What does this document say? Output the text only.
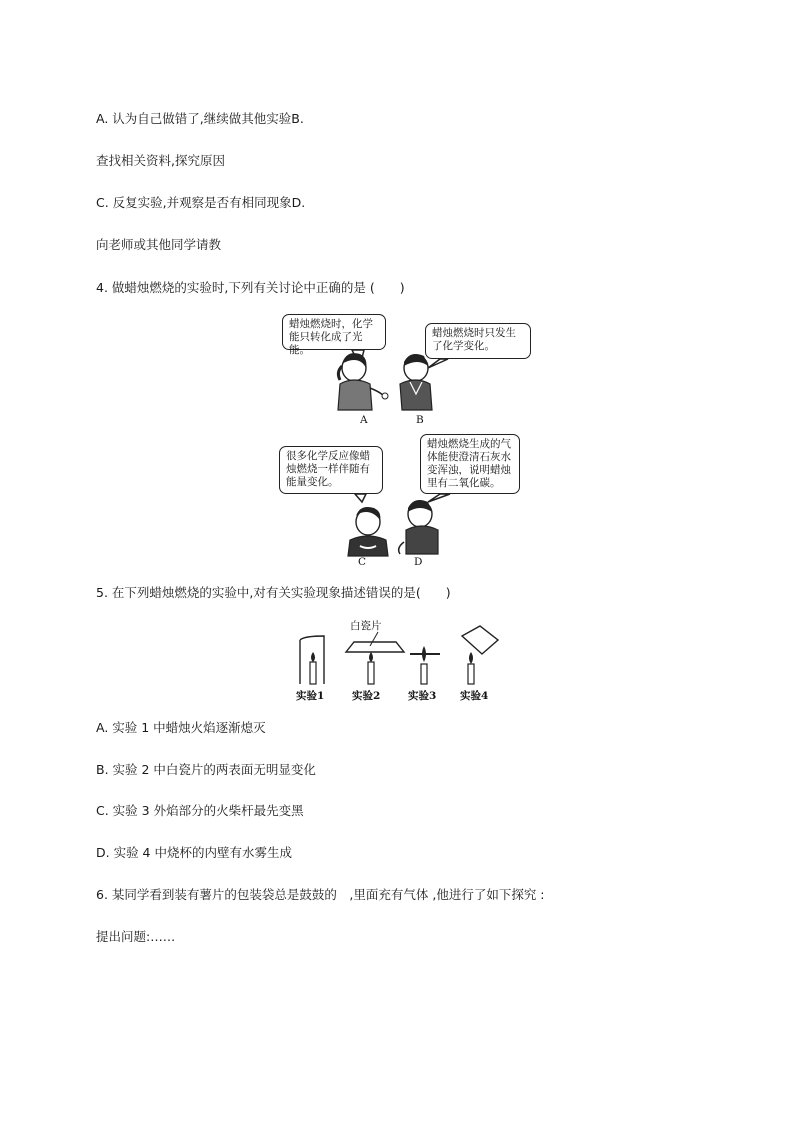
A. 认为自己做错了,继续做其他实验B.
查找相关资料,探究原因
C. 反复实验,并观察是否有相同现象D.
向老师或其他同学请教
4. 做蜡烛燃烧的实验时,下列有关讨论中正确的是 (　　)
蜡烛燃烧时，化学能只转化成了光能。
蜡烛燃烧时只发生了化学变化。
很多化学反应像蜡烛燃烧一样伴随有能量变化。
蜡烛燃烧生成的气体能使澄清石灰水变浑浊，说明蜡烛里有二氧化碳。
A	B
C	D
5. 在下列蜡烛燃烧的实验中,对有关实验现象描述错误的是(　　)
白瓷片
实验1	实验2	实验3 实验4
A. 实验 1 中蜡烛火焰逐渐熄灭
B. 实验 2 中白瓷片的两表面无明显变化
C. 实验 3 外焰部分的火柴杆最先变黑
D. 实验 4 中烧杯的内壁有水雾生成
6. 某同学看到装有薯片的包装袋总是鼓鼓的　,里面充有气体 ,他进行了如下探究 :
提出问题:……
